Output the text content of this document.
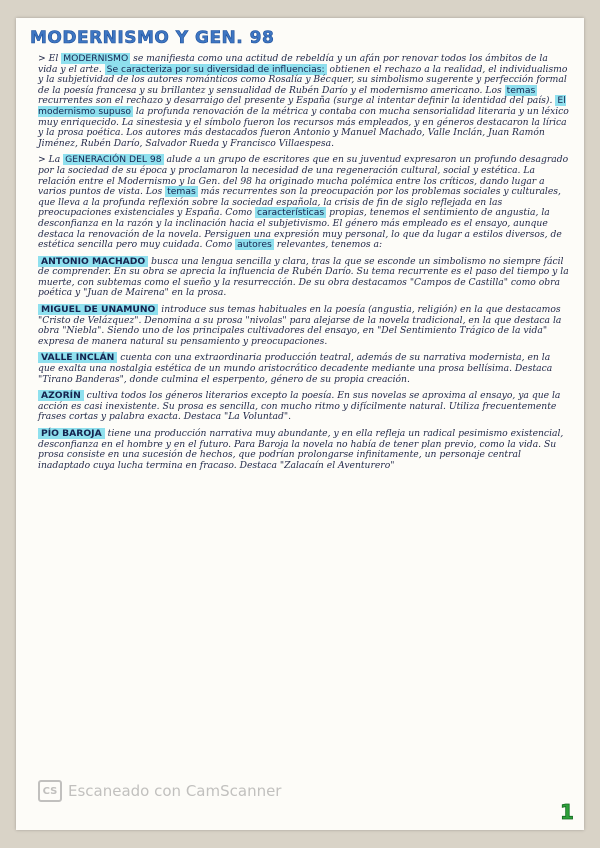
MODERNISMO Y GEN. 98

> El MODERNISMO se manifiesta como una actitud de rebeldía y un afán por renovar todos los ámbitos de la vida y el arte. Se caracteriza por su diversidad de influencias: obtienen el rechazo a la realidad, el individualismo y la subjetividad de los autores románticos como Rosalía y Bécquer, su simbolismo sugerente y perfección formal de la poesía francesa y su brillantez y sensualidad de Rubén Darío y el modernismo americano. Los temas recurrentes son el rechazo y desarraigo del presente y España (surge al intentar definir la identidad del país). El modernismo supuso la profunda renovación de la métrica y contaba con mucha sensorialidad literaria y un léxico muy enriquecido. La sinestesia y el símbolo fueron los recursos más empleados, y en géneros destacaron la lírica y la prosa poética. Los autores más destacados fueron Antonio y Manuel Machado, Valle Inclán, Juan Ramón Jiménez, Rubén Darío, Salvador Rueda y Francisco Villaespesa.

> La GENERACIÓN DEL 98 alude a un grupo de escritores que en su juventud expresaron un profundo desagrado por la sociedad de su época y proclamaron la necesidad de una regeneración cultural, social y estética. La relación entre el Modernismo y la Gen. del 98 ha originado mucha polémica entre los críticos, dando lugar a varios puntos de vista. Los temas más recurrentes son la preocupación por los problemas sociales y culturales, que lleva a la profunda reflexión sobre la sociedad española, la crisis de fin de siglo reflejada en las preocupaciones existenciales y España. Como características propias, tenemos el sentimiento de angustia, la desconfianza en la razón y la inclinación hacia el subjetivismo. El género más empleado es el ensayo, aunque destaca la renovación de la novela. Persiguen una expresión muy personal, lo que da lugar a estilos diversos, de estética sencilla pero muy cuidada. Como autores relevantes, tenemos a:

ANTONIO MACHADO busca una lengua sencilla y clara, tras la que se esconde un simbolismo no siempre fácil de comprender. En su obra se aprecia la influencia de Rubén Darío. Su tema recurrente es el paso del tiempo y la muerte, con subtemas como el sueño y la resurrección. De su obra destacamos "Campos de Castilla" como obra poética y "Juan de Mairena" en la prosa.

MIGUEL DE UNAMUNO introduce sus temas habituales en la poesía (angustia, religión) en la que destacamos "Cristo de Velázquez". Denomina a su prosa "nivolas" para alejarse de la novela tradicional, en la que destaca la obra "Niebla". Siendo uno de los principales cultivadores del ensayo, en "Del Sentimiento Trágico de la vida" expresa de manera natural su pensamiento y preocupaciones.

VALLE INCLÁN cuenta con una extraordinaria producción teatral, además de su narrativa modernista, en la que exalta una nostalgia estética de un mundo aristocrático decadente mediante una prosa bellísima. Destaca "Tirano Banderas", donde culmina el esperpento, género de su propia creación.

AZORÍN cultiva todos los géneros literarios excepto la poesía. En sus novelas se aproxima al ensayo, ya que la acción es casi inexistente. Su prosa es sencilla, con mucho ritmo y difícilmente natural. Utiliza frecuentemente frases cortas y palabra exacta. Destaca "La Voluntad".

PÍO BAROJA tiene una producción narrativa muy abundante, y en ella refleja un radical pesimismo existencial, desconfianza en el hombre y en el futuro. Para Baroja la novela no había de tener plan previo, como la vida. Su prosa consiste en una sucesión de hechos, que podrían prolongarse infinitamente, un personaje central inadaptado cuya lucha termina en fracaso. Destaca "Zalacaín el Aventurero"

CS Escaneado con CamScanner
1
